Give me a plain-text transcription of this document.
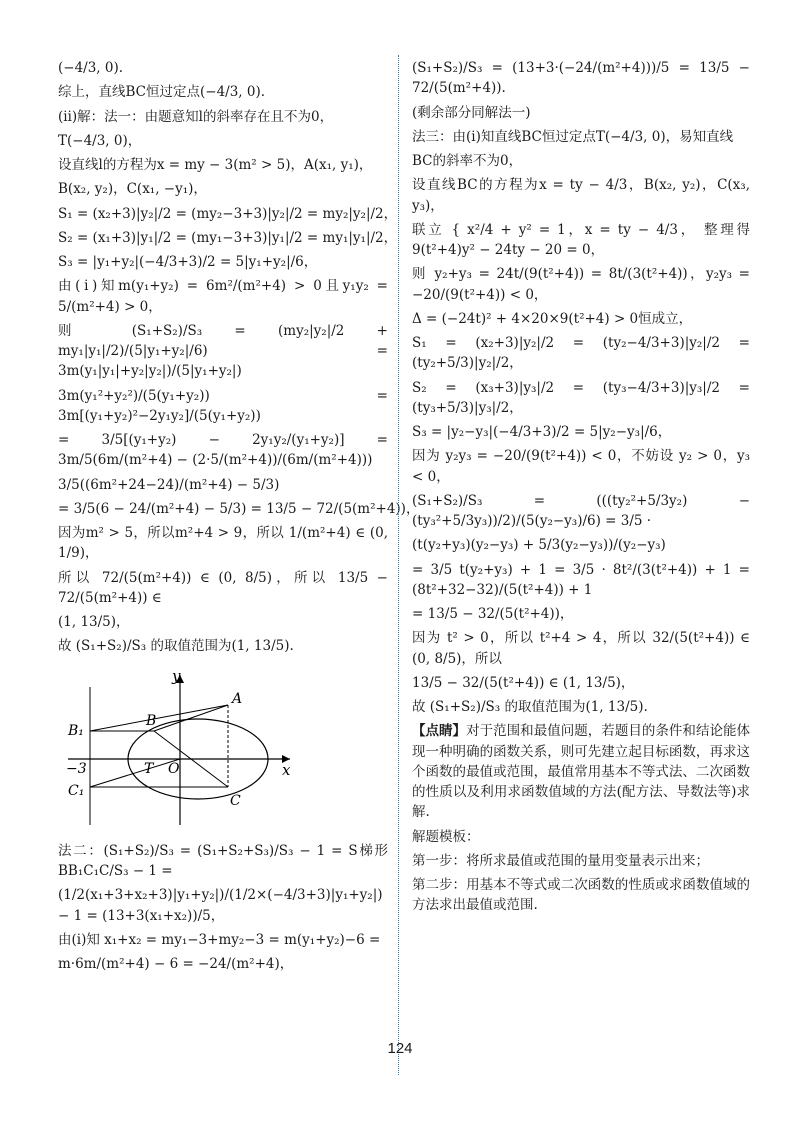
(−4/3, 0).
综上，直线BC恒过定点(−4/3, 0).
(ⅱ)解：法一：由题意知l的斜率存在且不为0，
T(−4/3, 0)，
设直线l的方程为x = my − 3(m² > 5)，A(x₁, y₁)，
B(x₂, y₂)，C(x₁, −y₁)，
S₁ = (x₂+3)|y₂|/2 = (my₂−3+3)|y₂|/2 = my₂|y₂|/2，
S₂ = (x₁+3)|y₁|/2 = (my₁−3+3)|y₁|/2 = my₁|y₁|/2，
S₃ = |y₁+y₂|(−4/3+3)/2 = 5|y₁+y₂|/6，
由(ⅰ)知m(y₁+y₂) = 6m²/(m²+4) > 0且y₁y₂ = 5/(m²+4) > 0，
则 (S₁+S₂)/S₃ = (my₂|y₂|/2 + my₁|y₁|/2)/(5|y₁+y₂|/6) = 3m(y₁|y₁|+y₂|y₂|)/(5|y₁+y₂|)
3m(y₁²+y₂²)/(5(y₁+y₂)) = 3m[(y₁+y₂)²−2y₁y₂]/(5(y₁+y₂))
= 3/5[(y₁+y₂) − 2y₁y₂/(y₁+y₂)] = 3m/5(6m/(m²+4) − (2·5/(m²+4))/(6m/(m²+4)))
3/5((6m²+24−24)/(m²+4) − 5/3)
= 3/5(6 − 24/(m²+4) − 5/3) = 13/5 − 72/(5(m²+4))，
因为m² > 5，所以m²+4 > 9，所以 1/(m²+4) ∈ (0, 1/9)，
所以 72/(5(m²+4)) ∈ (0, 8/5)，所以 13/5 − 72/(5(m²+4)) ∈
(1, 13/5)，
故 (S₁+S₂)/S₃ 的取值范围为(1, 13/5).
y
x
A
B
B₁
C
C₁
T O
−3
法二：(S₁+S₂)/S₃ = (S₁+S₂+S₃)/S₃ − 1 = S梯形BB₁C₁C/S₃ − 1 =
(1/2(x₁+3+x₂+3)|y₁+y₂|)/(1/2×(−4/3+3)|y₁+y₂|) − 1 = (13+3(x₁+x₂))/5，
由(ⅰ)知 x₁+x₂ = my₁−3+my₂−3 = m(y₁+y₂)−6 =
m·6m/(m²+4) − 6 = −24/(m²+4)，
(S₁+S₂)/S₃ = (13+3·(−24/(m²+4)))/5 = 13/5 − 72/(5(m²+4)).
(剩余部分同解法一)
法三：由(ⅰ)知直线BC恒过定点T(−4/3, 0)，易知直线
BC的斜率不为0，
设直线BC的方程为x = ty − 4/3，B(x₂, y₂)，C(x₃, y₃)，
联立 { x²/4 + y² = 1，x = ty − 4/3， 整理得 9(t²+4)y² − 24ty − 20 = 0，
则 y₂+y₃ = 24t/(9(t²+4)) = 8t/(3(t²+4))，y₂y₃ = −20/(9(t²+4)) < 0，
Δ = (−24t)² + 4×20×9(t²+4) > 0恒成立，
S₁ = (x₂+3)|y₂|/2 = (ty₂−4/3+3)|y₂|/2 = (ty₂+5/3)|y₂|/2，
S₂ = (x₃+3)|y₃|/2 = (ty₃−4/3+3)|y₃|/2 = (ty₃+5/3)|y₃|/2，
S₃ = |y₂−y₃|(−4/3+3)/2 = 5|y₂−y₃|/6，
因为 y₂y₃ = −20/(9(t²+4)) < 0，不妨设 y₂ > 0，y₃ < 0，
(S₁+S₂)/S₃ = (((ty₂²+5/3y₂) − (ty₃²+5/3y₃))/2)/(5(y₂−y₃)/6) = 3/5 ·
(t(y₂+y₃)(y₂−y₃) + 5/3(y₂−y₃))/(y₂−y₃)
= 3/5 t(y₂+y₃) + 1 = 3/5 · 8t²/(3(t²+4)) + 1 = (8t²+32−32)/(5(t²+4)) + 1
= 13/5 − 32/(5(t²+4))，
因为 t² > 0，所以 t²+4 > 4，所以 32/(5(t²+4)) ∈ (0, 8/5)，所以
13/5 − 32/(5(t²+4)) ∈ (1, 13/5)，
故 (S₁+S₂)/S₃ 的取值范围为(1, 13/5).
【点睛】对于范围和最值问题，若题目的条件和结论能体现一种明确的函数关系，则可先建立起目标函数，再求这个函数的最值或范围，最值常用基本不等式法、二次函数的性质以及利用求函数值域的方法(配方法、导数法等)求解.
解题模板：
第一步：将所求最值或范围的量用变量表示出来；
第二步：用基本不等式或二次函数的性质或求函数值域的方法求出最值或范围.
124
